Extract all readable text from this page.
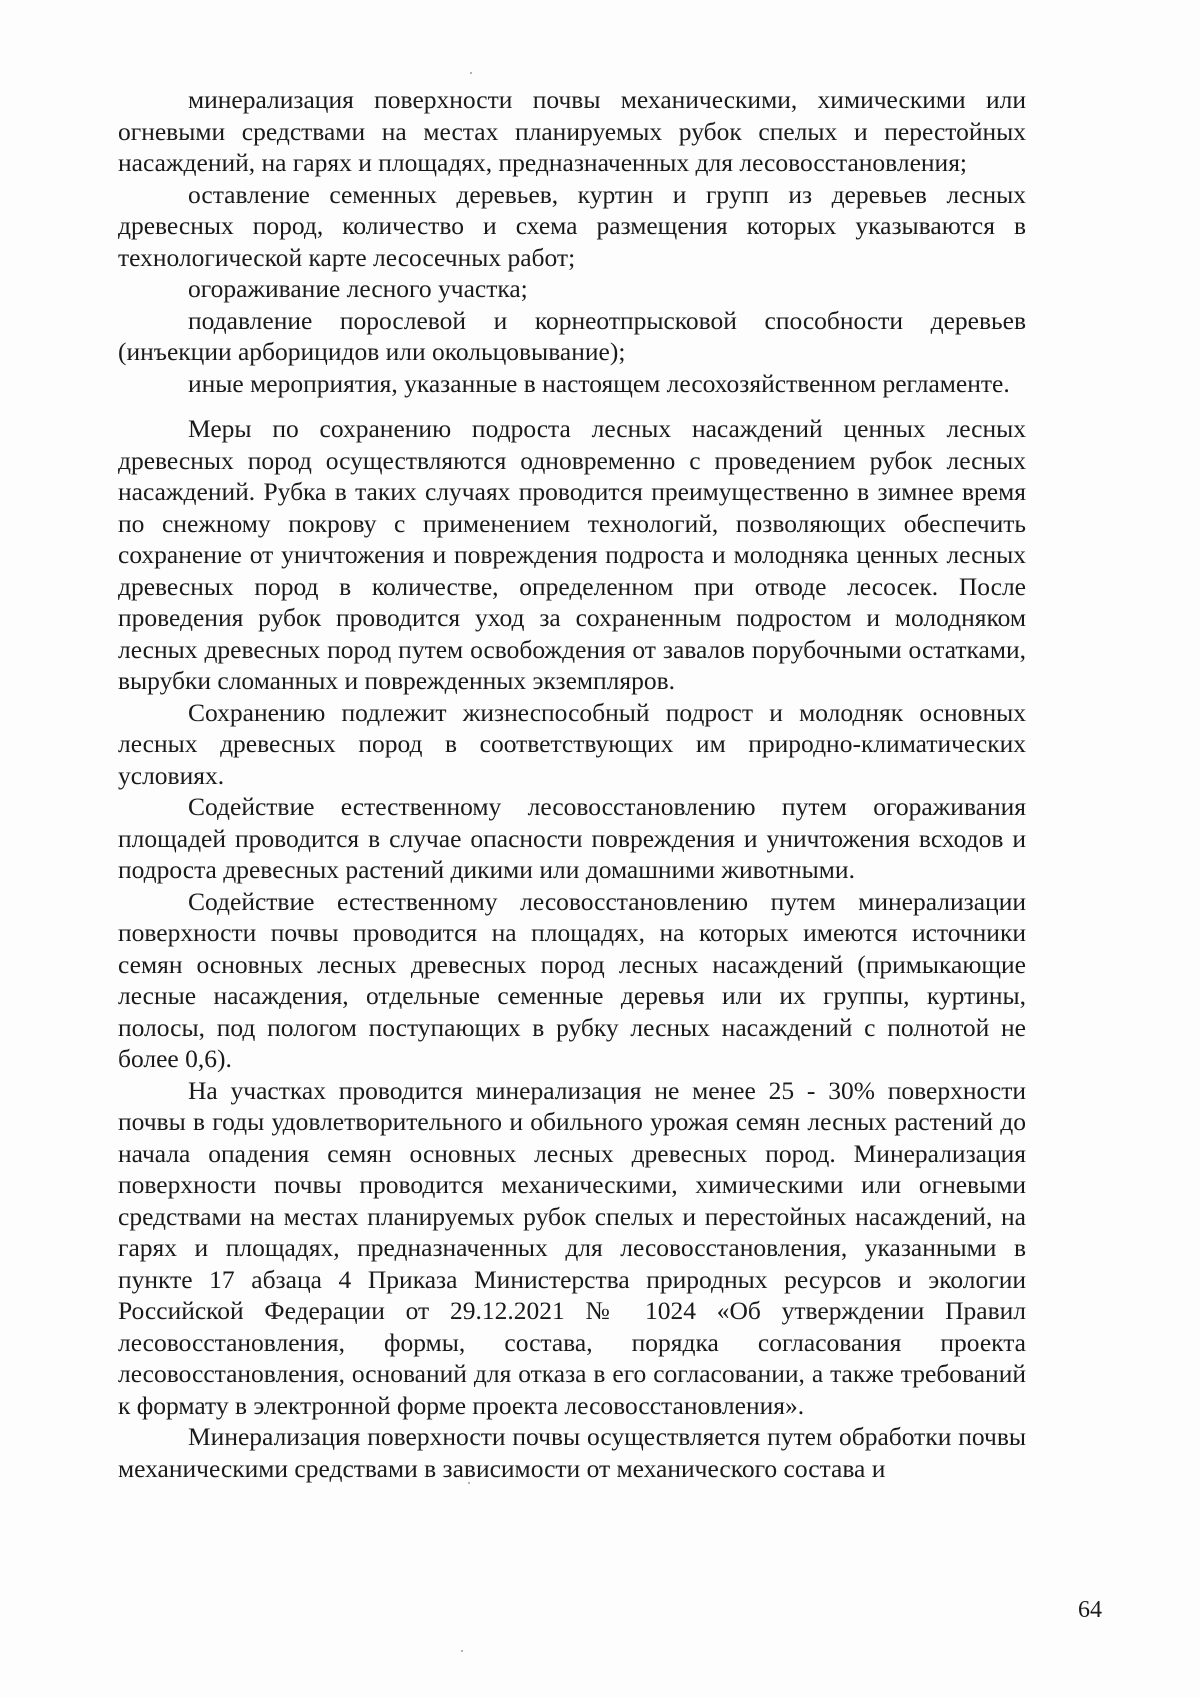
минерализация поверхности почвы механическими, химическими или огневыми средствами на местах планируемых рубок спелых и перестойных насаждений, на гарях и площадях, предназначенных для лесовосстановления;

оставление семенных деревьев, куртин и групп из деревьев лесных древесных пород, количество и схема размещения которых указываются в технологической карте лесосечных работ;

огораживание лесного участка;

подавление порослевой и корнеотпрысковой способности деревьев (инъекции арборицидов или окольцовывание);

иные мероприятия, указанные в настоящем лесохозяйственном регламенте.

Меры по сохранению подроста лесных насаждений ценных лесных древесных пород осуществляются одновременно с проведением рубок лесных насаждений. Рубка в таких случаях проводится преимущественно в зимнее время по снежному покрову с применением технологий, позволяющих обеспечить сохранение от уничтожения и повреждения подроста и молодняка ценных лесных древесных пород в количестве, определенном при отводе лесосек. После проведения рубок проводится уход за сохраненным подростом и молодняком лесных древесных пород путем освобождения от завалов порубочными остатками, вырубки сломанных и поврежденных экземпляров.

Сохранению подлежит жизнеспособный подрост и молодняк основных лесных древесных пород в соответствующих им природно-климатических условиях.

Содействие естественному лесовосстановлению путем огораживания площадей проводится в случае опасности повреждения и уничтожения всходов и подроста древесных растений дикими или домашними животными.

Содействие естественному лесовосстановлению путем минерализации поверхности почвы проводится на площадях, на которых имеются источники семян основных лесных древесных пород лесных насаждений (примыкающие лесные насаждения, отдельные семенные деревья или их группы, куртины, полосы, под пологом поступающих в рубку лесных насаждений с полнотой не более 0,6).

На участках проводится минерализация не менее 25 - 30% поверхности почвы в годы удовлетворительного и обильного урожая семян лесных растений до начала опадения семян основных лесных древесных пород. Минерализация поверхности почвы проводится механическими, химическими или огневыми средствами на местах планируемых рубок спелых и перестойных насаждений, на гарях и площадях, предназначенных для лесовосстановления, указанными в пункте 17 абзаца 4 Приказа Министерства природных ресурсов и экологии Российской Федерации от 29.12.2021 № 1024 «Об утверждении Правил лесовосстановления, формы, состава, порядка согласования проекта лесовосстановления, оснований для отказа в его согласовании, а также требований к формату в электронной форме проекта лесовосстановления».

Минерализация поверхности почвы осуществляется путем обработки почвы механическими средствами в зависимости от механического состава и

64
